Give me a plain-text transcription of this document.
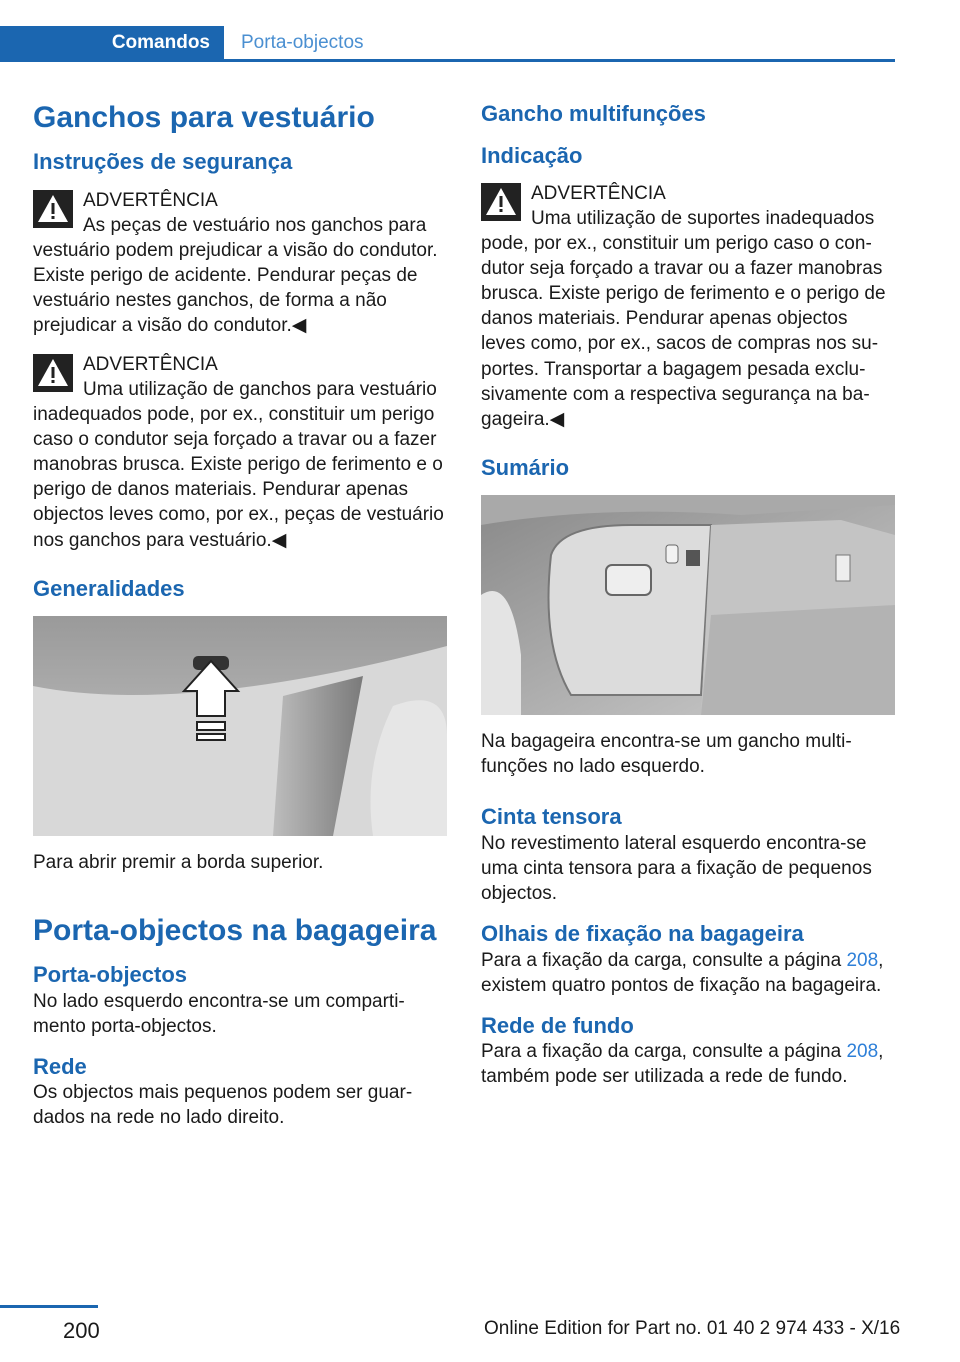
Comandos	Porta-objectos
Ganchos para vestuário
Instruções de segurança
ADVERTÊNCIA

As peças de vestuário nos ganchos para vestuário podem prejudicar a visão do condutor. Existe perigo de acidente. Pendurar peças de vestuário nestes ganchos, de forma a não prejudicar a visão do condutor.◀

ADVERTÊNCIA

Uma utilização de ganchos para vestuário inadequados pode, por ex., constituir um perigo caso o condutor seja forçado a travar ou a fazer manobras brusca. Existe perigo de ferimento e o perigo de danos materiais. Pendurar apenas objectos leves como, por ex., peças de vestuário nos ganchos para vestuário.◀

Generalidades

Para abrir premir a borda superior.

Porta-objectos na bagageira
Porta-objectos

No lado esquerdo encontra-se um compartimento porta-objectos.

Rede

Os objectos mais pequenos podem ser guardados na rede no lado direito.

Gancho multifunções
Indicação
ADVERTÊNCIA

Uma utilização de suportes inadequados pode, por ex., constituir um perigo caso o condutor seja forçado a travar ou a fazer manobras brusca. Existe perigo de ferimento e o perigo de danos materiais. Pendurar apenas objectos leves como, por ex., sacos de compras nos suportes. Transportar a bagagem pesada exclusivamente com a respectiva segurança na bagageira.◀

Sumário

Na bagageira encontra-se um gancho multifunções no lado esquerdo.

Cinta tensora

No revestimento lateral esquerdo encontra-se uma cinta tensora para a fixação de pequenos objectos.

Olhais de fixação na bagageira

Para a fixação da carga, consulte a página 208, existem quatro pontos de fixação na bagageira.

Rede de fundo

Para a fixação da carga, consulte a página 208, também pode ser utilizada a rede de fundo.

200	Online Edition for Part no. 01 40 2 974 433 - X/16
